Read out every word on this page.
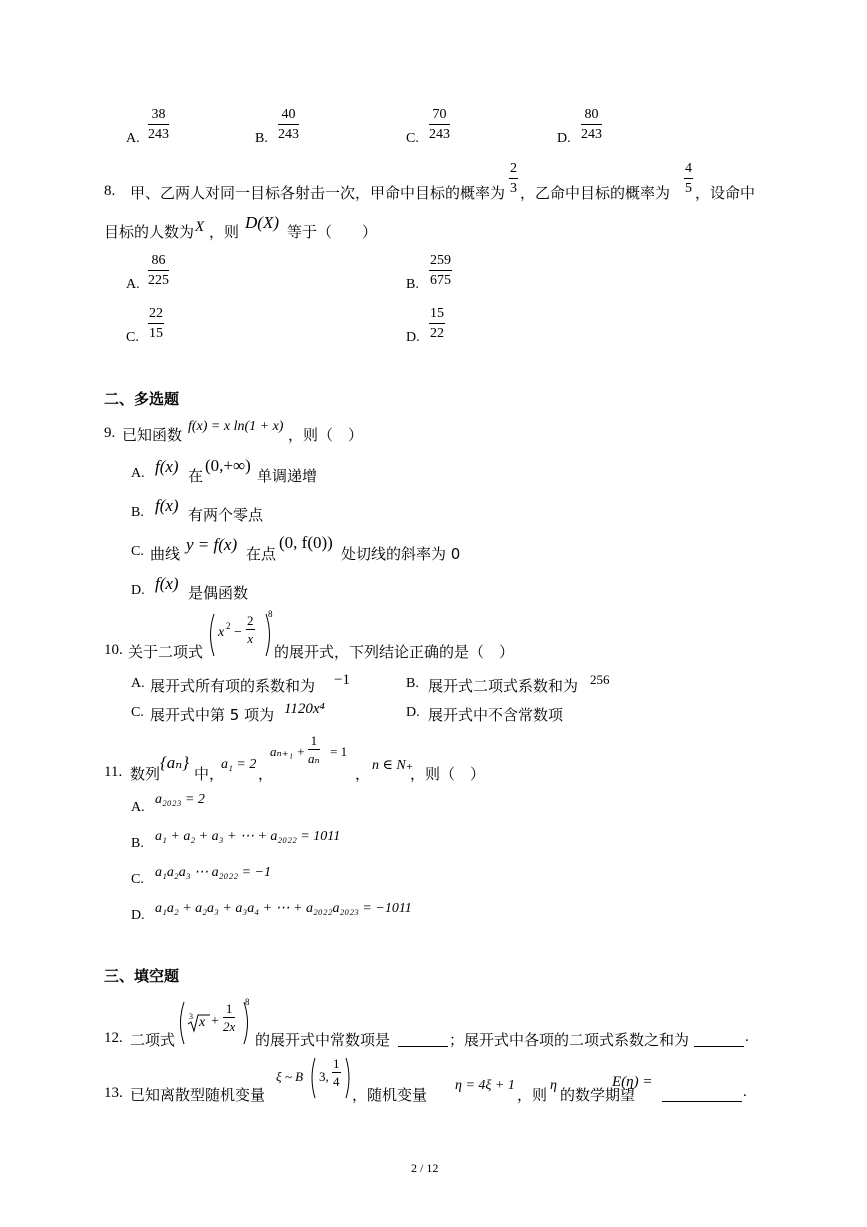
A. $\frac{38}{243}$	B. $\frac{40}{243}$	C. $\frac{70}{243}$	D. $\frac{80}{243}$
8. 甲、乙两人对同一目标各射击一次，甲命中目标的概率为 $\frac{2}{3}$ ，乙命中目标的概率为 $\frac{4}{5}$ ，设命中
目标的人数为 X ，则 D(X) 等于（　　）
A. $\frac{86}{225}$	B. $\frac{259}{675}$
C. $\frac{22}{15}$	D. $\frac{15}{22}$
二、多选题
9. 已知函数 f(x) = x ln(1 + x) ，则（　）
A. f(x) 在
(0,+∞)
单调递增
B. f(x) 有两个零点
C. 曲线 y = f(x) 在点
(0, f(0))
处切线的斜率为 0
D. f(x) 是偶函数
10. 关于二项式
x $2 - \frac{2}{x} 8$
的展开式，下列结论正确的是（　）
A. 展开式所有项的系数和为 −1	B. 展开式二项式系数和为 256
C. 展开式中第 5 项为 1120x⁴	D. 展开式中不含常数项
11. 数列
{aₙ}
中，
a₁ = 2
，
$a_{n+1} + \frac{1}{\text{aₙ}} = 1$
， n ∈ N₊
，则（　）
A.
a₂₀₂₃ = 2
B. a₁ + a₂ + a₃ + ⋯ + a₂₀₂₂ = 1011
C. a₁a₂a₃ ⋯ a₂₀₂₂ = −1
D. a₁a₂ + a₂a₃ + a₃a₄ + ⋯ + a₂₀₂₂a₂₀₂₃ = −1011
三、填空题
12. 二项式
3 $x + \frac{1}{2x} 8$
的展开式中常数项是	；展开式中各项的二项式系数之和为	.
13. 已知离散型随机变量
ξ ~ B 3, $\frac{1}{4}$
，随机变量
η = 4ξ + 1
，则
η
的数学期望
E(η) =
.
2 / 12
